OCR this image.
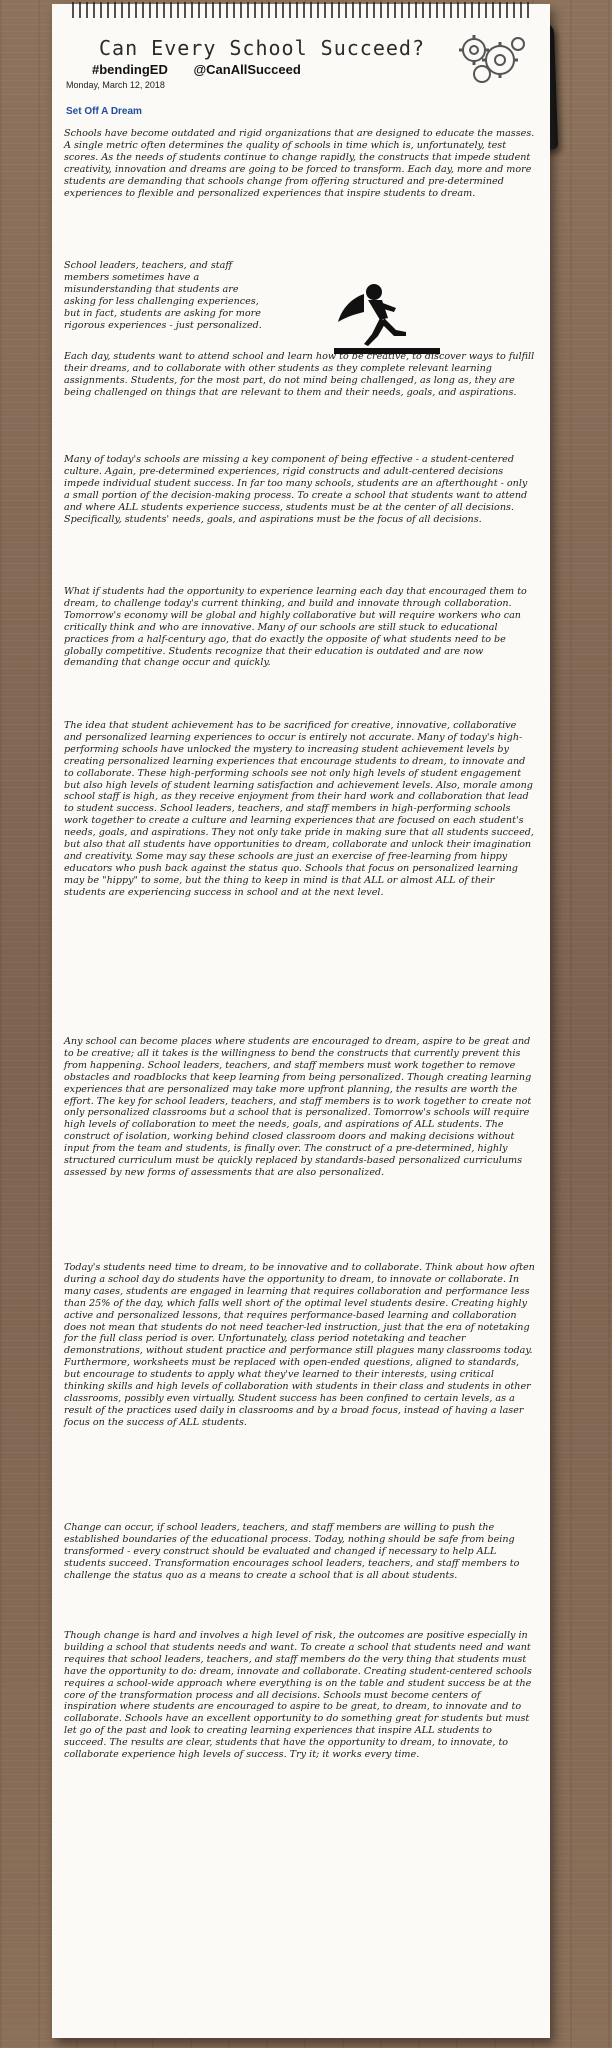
Can Every School Succeed?
#bendingED @CanAllSucceed
Monday, March 12, 2018
Set Off A Dream

Schools have become outdated and rigid organizations that are designed to educate the masses. A single metric often determines the quality of schools in time which is, unfortunately, test scores. As the needs of students continue to change rapidly, the constructs that impede student creativity, innovation and dreams are going to be forced to transform. Each day, more and more students are demanding that schools change from offering structured and pre-determined experiences to flexible and personalized experiences that inspire students to dream.

School leaders, teachers, and staff members sometimes have a misunderstanding that students are asking for less challenging experiences, but in fact, students are asking for more rigorous experiences - just personalized.

Each day, students want to attend school and learn how to be creative, to discover ways to fulfill their dreams, and to collaborate with other students as they complete relevant learning assignments. Students, for the most part, do not mind being challenged, as long as, they are being challenged on things that are relevant to them and their needs, goals, and aspirations.

Many of today's schools are missing a key component of being effective - a student-centered culture. Again, pre-determined experiences, rigid constructs and adult-centered decisions impede individual student success. In far too many schools, students are an afterthought - only a small portion of the decision-making process. To create a school that students want to attend and where ALL students experience success, students must be at the center of all decisions. Specifically, students' needs, goals, and aspirations must be the focus of all decisions.

What if students had the opportunity to experience learning each day that encouraged them to dream, to challenge today's current thinking, and build and innovate through collaboration. Tomorrow's economy will be global and highly collaborative but will require workers who can critically think and who are innovative. Many of our schools are still stuck to educational practices from a half-century ago, that do exactly the opposite of what students need to be globally competitive. Students recognize that their education is outdated and are now demanding that change occur and quickly.

The idea that student achievement has to be sacrificed for creative, innovative, collaborative and personalized learning experiences to occur is entirely not accurate. Many of today's high-performing schools have unlocked the mystery to increasing student achievement levels by creating personalized learning experiences that encourage students to dream, to innovate and to collaborate. These high-performing schools see not only high levels of student engagement but also high levels of student learning satisfaction and achievement levels. Also, morale among school staff is high, as they receive enjoyment from their hard work and collaboration that lead to student success. School leaders, teachers, and staff members in high-performing schools work together to create a culture and learning experiences that are focused on each student's needs, goals, and aspirations. They not only take pride in making sure that all students succeed, but also that all students have opportunities to dream, collaborate and unlock their imagination and creativity. Some may say these schools are just an exercise of free-learning from hippy educators who push back against the status quo. Schools that focus on personalized learning may be "hippy" to some, but the thing to keep in mind is that ALL or almost ALL of their students are experiencing success in school and at the next level.

Any school can become places where students are encouraged to dream, aspire to be great and to be creative; all it takes is the willingness to bend the constructs that currently prevent this from happening. School leaders, teachers, and staff members must work together to remove obstacles and roadblocks that keep learning from being personalized. Though creating learning experiences that are personalized may take more upfront planning, the results are worth the effort. The key for school leaders, teachers, and staff members is to work together to create not only personalized classrooms but a school that is personalized. Tomorrow's schools will require high levels of collaboration to meet the needs, goals, and aspirations of ALL students. The construct of isolation, working behind closed classroom doors and making decisions without input from the team and students, is finally over. The construct of a pre-determined, highly structured curriculum must be quickly replaced by standards-based personalized curriculums assessed by new forms of assessments that are also personalized.

Today's students need time to dream, to be innovative and to collaborate. Think about how often during a school day do students have the opportunity to dream, to innovate or collaborate. In many cases, students are engaged in learning that requires collaboration and performance less than 25% of the day, which falls well short of the optimal level students desire. Creating highly active and personalized lessons, that requires performance-based learning and collaboration does not mean that students do not need teacher-led instruction, just that the era of notetaking for the full class period is over. Unfortunately, class period notetaking and teacher demonstrations, without student practice and performance still plagues many classrooms today. Furthermore, worksheets must be replaced with open-ended questions, aligned to standards, but encourage to students to apply what they've learned to their interests, using critical thinking skills and high levels of collaboration with students in their class and students in other classrooms, possibly even virtually. Student success has been confined to certain levels, as a result of the practices used daily in classrooms and by a broad focus, instead of having a laser focus on the success of ALL students.

Change can occur, if school leaders, teachers, and staff members are willing to push the established boundaries of the educational process. Today, nothing should be safe from being transformed - every construct should be evaluated and changed if necessary to help ALL students succeed. Transformation encourages school leaders, teachers, and staff members to challenge the status quo as a means to create a school that is all about students.

Though change is hard and involves a high level of risk, the outcomes are positive especially in building a school that students needs and want. To create a school that students need and want requires that school leaders, teachers, and staff members do the very thing that students must have the opportunity to do: dream, innovate and collaborate. Creating student-centered schools requires a school-wide approach where everything is on the table and student success be at the core of the transformation process and all decisions. Schools must become centers of inspiration where students are encouraged to aspire to be great, to dream, to innovate and to collaborate. Schools have an excellent opportunity to do something great for students but must let go of the past and look to creating learning experiences that inspire ALL students to succeed. The results are clear, students that have the opportunity to dream, to innovate, to collaborate experience high levels of success. Try it; it works every time.
